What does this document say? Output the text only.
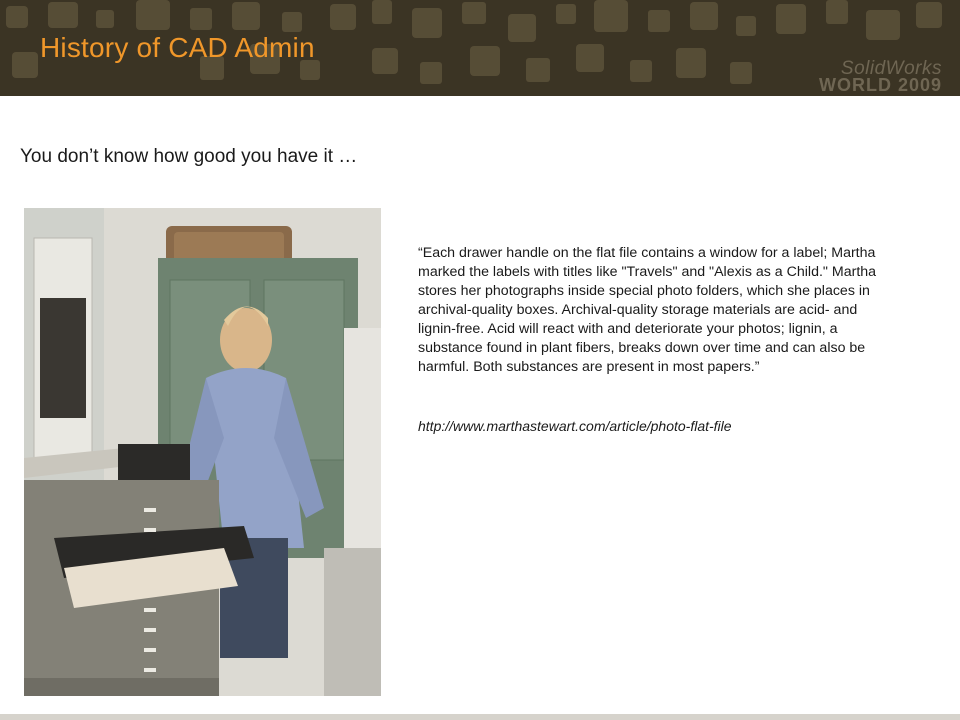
History of CAD Admin
SolidWorks
WORLD 2009
You don’t know how good you have it …

“Each drawer handle on the flat file contains a window for a label; Martha marked the labels with titles like "Travels" and "Alexis as a Child." Martha stores her photographs inside special photo folders, which she places in archival-quality boxes. Archival-quality storage materials are acid- and lignin-free. Acid will react with and deteriorate your photos; lignin, a substance found in plant fibers, breaks down over time and can also be harmful. Both substances are present in most papers.”

http://www.marthastewart.com/article/photo-flat-file
